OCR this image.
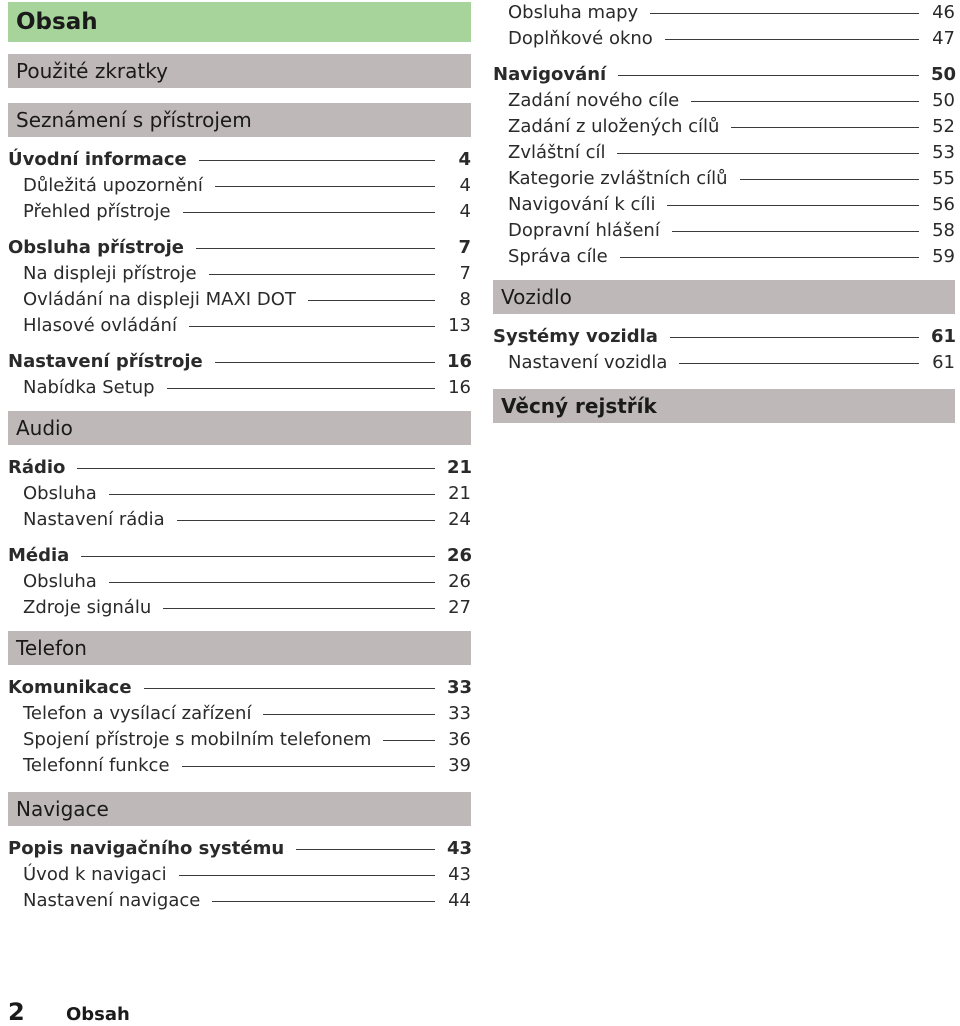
Obsah
Použité zkratky
Seznámení s přístrojem
Úvodní informace	4
Důležitá upozornění	4
Přehled přístroje	4
Obsluha přístroje	7
Na displeji přístroje	7
Ovládání na displeji MAXI DOT	8
Hlasové ovládání	13
Nastavení přístroje	16
Nabídka Setup	16
Audio
Rádio	21
Obsluha	21
Nastavení rádia	24
Média	26
Obsluha	26
Zdroje signálu	27
Telefon
Komunikace	33
Telefon a vysílací zařízení	33
Spojení přístroje s mobilním telefonem	36
Telefonní funkce	39
Navigace
Popis navigačního systému	43
Úvod k navigaci	43
Nastavení navigace	44
Obsluha mapy	46
Doplňkové okno	47
Navigování	50
Zadání nového cíle	50
Zadání z uložených cílů	52
Zvláštní cíl	53
Kategorie zvláštních cílů	55
Navigování k cíli	56
Dopravní hlášení	58
Správa cíle	59
Vozidlo
Systémy vozidla	61
Nastavení vozidla	61
Věcný rejstřík
2	Obsah
